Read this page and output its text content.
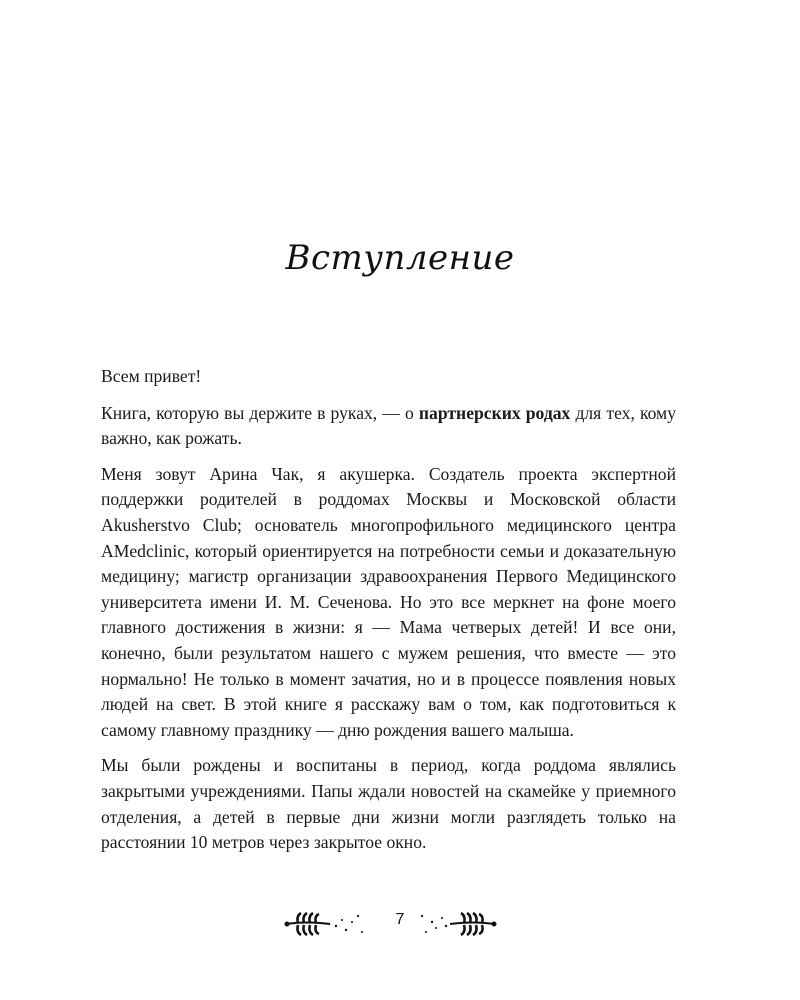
Вступление

Всем привет!

Книга, которую вы держите в руках, — о партнерских родах для тех, кому важно, как рожать.

Меня зовут Арина Чак, я акушерка. Создатель проекта экспертной поддержки родителей в роддомах Москвы и Московской области Akusherstvo Club; основатель многопрофильного медицинского центра AMedclinic, который ориентируется на потребности семьи и доказательную медицину; магистр организации здравоохранения Первого Медицинского университета имени И. М. Сеченова. Но это все меркнет на фоне моего главного достижения в жизни: я — Мама четверых детей! И все они, конечно, были результатом нашего с мужем решения, что вместе — это нормально! Не только в момент зачатия, но и в процессе появления новых людей на свет. В этой книге я расскажу вам о том, как подготовиться к самому главному празднику — дню рождения вашего малыша.

Мы были рождены и воспитаны в период, когда роддома являлись закрытыми учреждениями. Папы ждали новостей на скамейке у приемного отделения, а детей в первые дни жизни могли разглядеть только на расстоянии 10 метров через закрытое окно.

7
